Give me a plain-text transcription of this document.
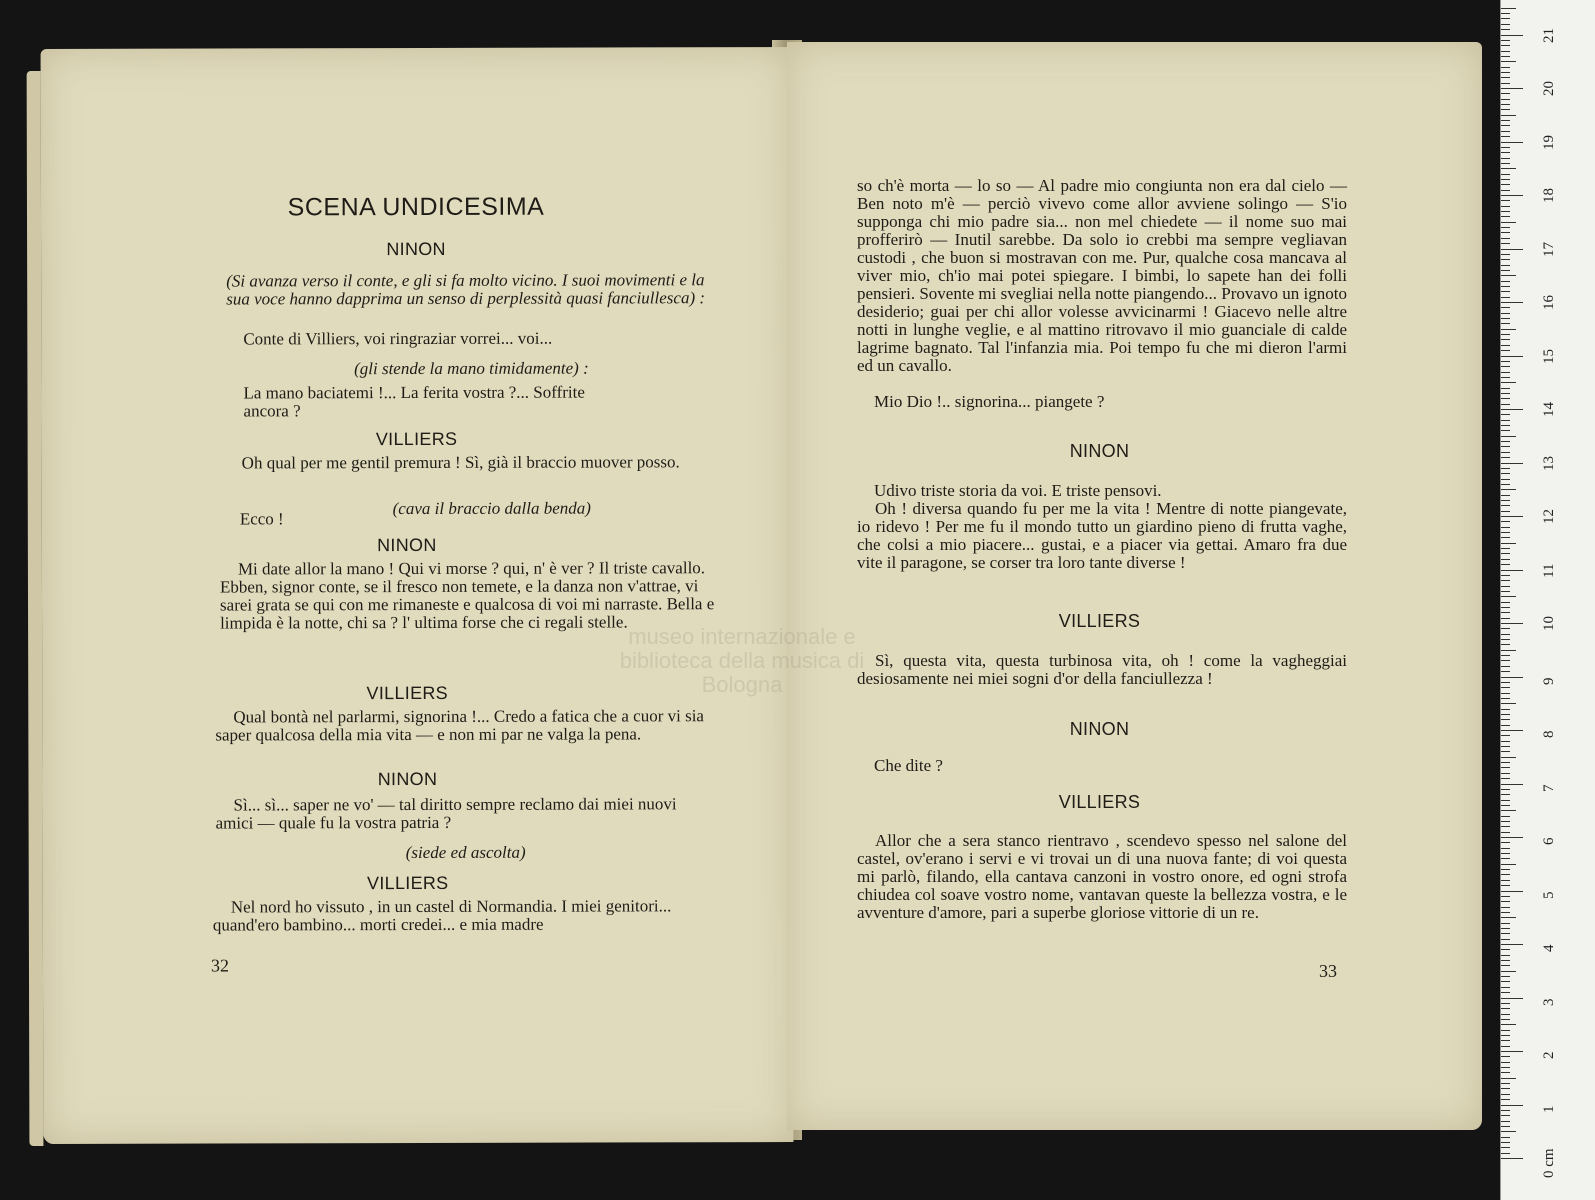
SCENA UNDICESIMA
NINON
(Si avanza verso il conte, e gli si fa molto vicino. I suoi movimenti e la sua voce hanno dapprima un senso di perplessità quasi fanciullesca) :
Conte di Villiers, voi ringraziar vorrei... voi...
(gli stende la mano timidamente) :
La mano baciatemi !... La ferita vostra ?... Soffrite ancora ?
VILLIERS
Oh qual per me gentil premura ! Sì, già il braccio muover posso.
(cava il braccio dalla benda)
Ecco !
NINON
Mi date allor la mano ! Qui vi morse ? qui, n' è ver ? Il triste cavallo. Ebben, signor conte, se il fresco non temete, e la danza non v'attrae, vi sarei grata se qui con me rimaneste e qualcosa di voi mi narraste. Bella e limpida è la notte, chi sa ? l' ultima forse che ci regali stelle.
VILLIERS
Qual bontà nel parlarmi, signorina !... Credo a fatica che a cuor vi sia saper qualcosa della mia vita — e non mi par ne valga la pena.
NINON
Sì... sì... saper ne vo' — tal diritto sempre reclamo dai miei nuovi amici — quale fu la vostra patria ?
(siede ed ascolta)
VILLIERS
Nel nord ho vissuto , in un castel di Normandia. I miei genitori... quand'ero bambino... morti credei... e mia madre
32
so ch'è morta — lo so — Al padre mio congiunta non era dal cielo — Ben noto m'è — perciò vivevo come allor avviene solingo — S'io supponga chi mio padre sia... non mel chiedete — il nome suo mai profferirò — Inutil sarebbe. Da solo io crebbi ma sempre vegliavan custodi , che buon si mostravan con me. Pur, qualche cosa mancava al viver mio, ch'io mai potei spiegare. I bimbi, lo sapete han dei folli pensieri. Sovente mi svegliai nella notte piangendo... Provavo un ignoto desiderio; guai per chi allor volesse avvicinarmi ! Giacevo nelle altre notti in lunghe veglie, e al mattino ritrovavo il mio guanciale di calde lagrime bagnato. Tal l'infanzia mia. Poi tempo fu che mi dieron l'armi ed un cavallo.
Mio Dio !.. signorina... piangete ?
NINON
Udivo triste storia da voi. E triste pensovi.
Oh ! diversa quando fu per me la vita ! Mentre di notte piangevate, io ridevo ! Per me fu il mondo tutto un giardino pieno di frutta vaghe, che colsi a mio piacere... gustai, e a piacer via gettai. Amaro fra due vite il paragone, se corser tra loro tante diverse !
VILLIERS
Sì, questa vita, questa turbinosa vita, oh ! come la vagheggiai desiosamente nei miei sogni d'or della fanciullezza !
NINON
Che dite ?
VILLIERS
Allor che a sera stanco rientravo , scendevo spesso nel salone del castel, ov'erano i servi e vi trovai un di una nuova fante; di voi questa mi parlò, filando, ella cantava canzoni in vostro onore, ed ogni strofa chiudea col soave vostro nome, vantavan queste la bellezza vostra, e le avventure d'amore, pari a superbe gloriose vittorie di un re.
33
museo internazionale e biblioteca della musica di Bologna
0 cm
1
2
3
4
5
6
7
8
9
10
11
12
13
14
15
16
17
18
19
20
21
